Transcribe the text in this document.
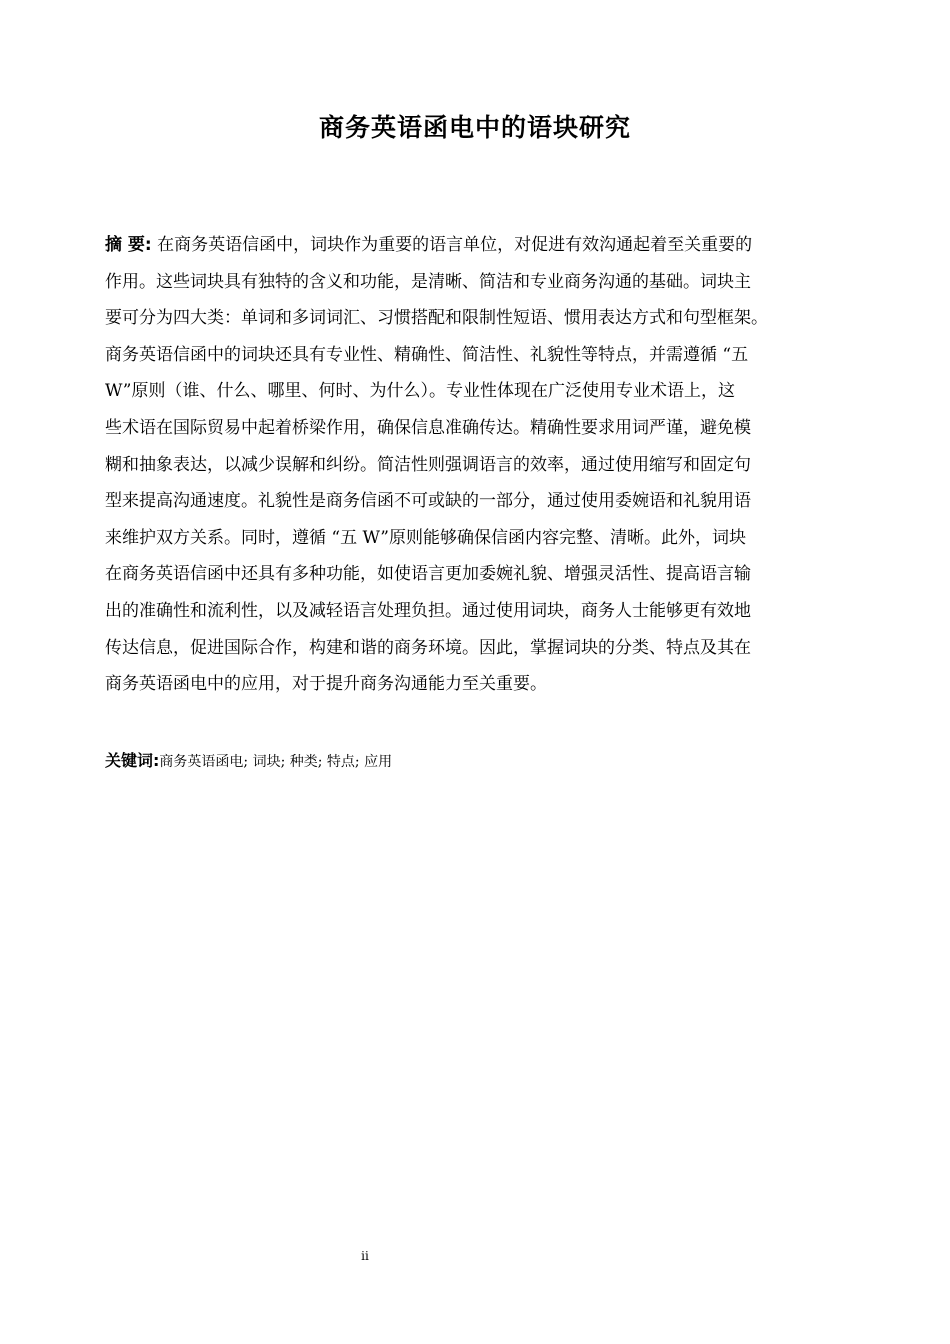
商务英语函电中的语块研究
摘 要: 在商务英语信函中，词块作为重要的语言单位，对促进有效沟通起着至关重要的
作用。这些词块具有独特的含义和功能，是清晰、简洁和专业商务沟通的基础。词块主
要可分为四大类：单词和多词词汇、习惯搭配和限制性短语、惯用表达方式和句型框架。
商务英语信函中的词块还具有专业性、精确性、简洁性、礼貌性等特点，并需遵循 “五
W”原则（谁、什么、哪里、何时、为什么）。专业性体现在广泛使用专业术语上，这
些术语在国际贸易中起着桥梁作用，确保信息准确传达。精确性要求用词严谨，避免模
糊和抽象表达，以减少误解和纠纷。简洁性则强调语言的效率，通过使用缩写和固定句
型来提高沟通速度。礼貌性是商务信函不可或缺的一部分，通过使用委婉语和礼貌用语
来维护双方关系。同时，遵循 “五 W”原则能够确保信函内容完整、清晰。此外，词块
在商务英语信函中还具有多种功能，如使语言更加委婉礼貌、增强灵活性、提高语言输
出的准确性和流利性，以及减轻语言处理负担。通过使用词块，商务人士能够更有效地
传达信息，促进国际合作，构建和谐的商务环境。因此，掌握词块的分类、特点及其在
商务英语函电中的应用，对于提升商务沟通能力至关重要。
关键词:商务英语函电; 词块; 种类; 特点; 应用
ii
